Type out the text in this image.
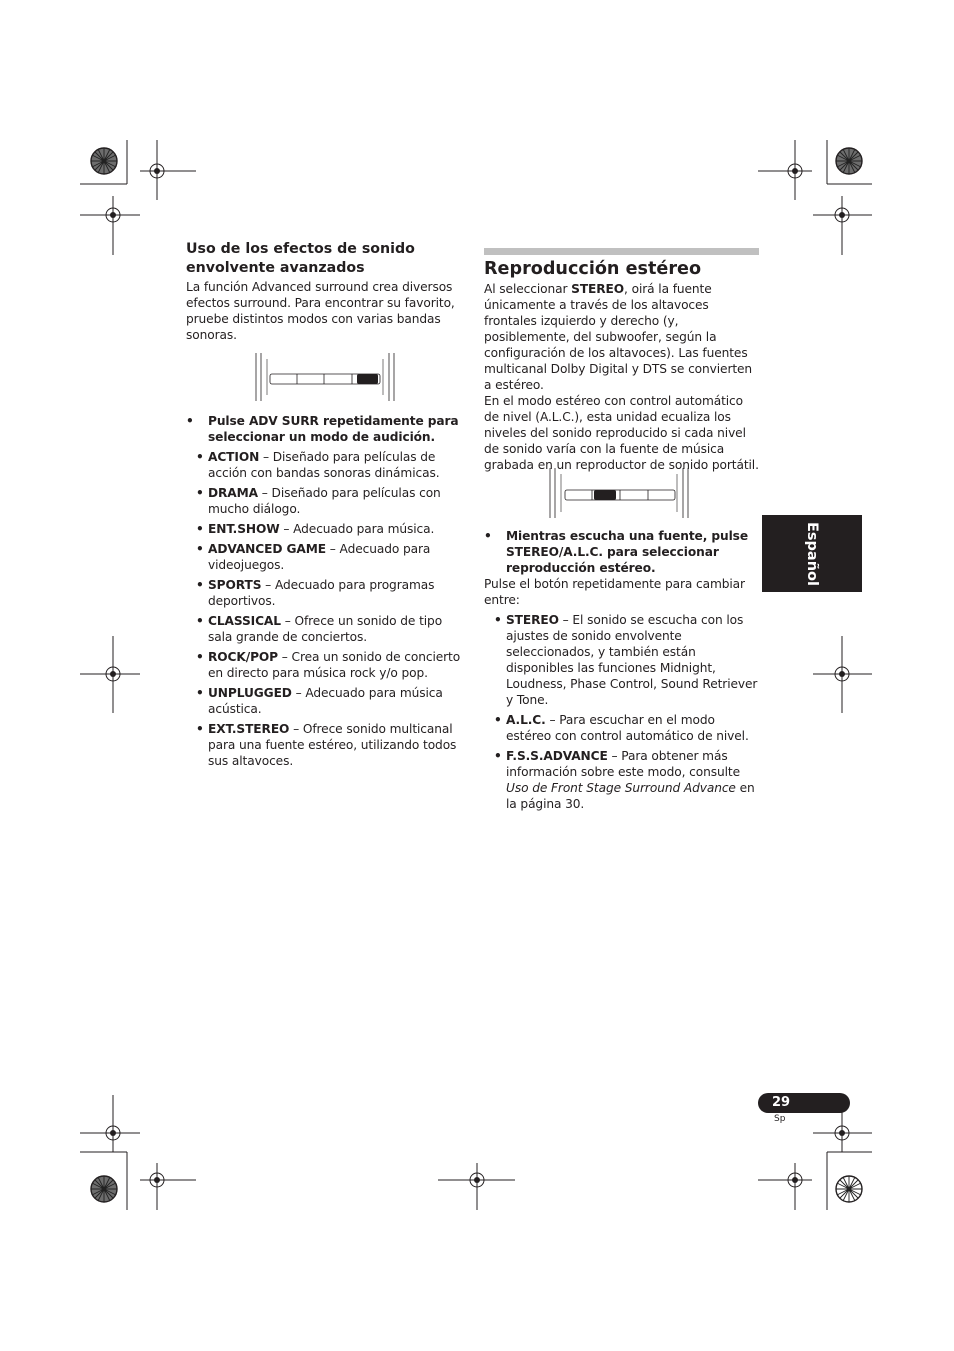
Uso de los efectos de sonido envolvente avanzados
La función Advanced surround crea diversos efectos surround. Para encontrar su favorito, pruebe distintos modos con varias bandas sonoras.
•	Pulse ADV SURR repetidamente para seleccionar un modo de audición.
• ACTION – Diseñado para películas de acción con bandas sonoras dinámicas.
• DRAMA – Diseñado para películas con mucho diálogo.
• ENT.SHOW – Adecuado para música.
• ADVANCED GAME – Adecuado para videojuegos.
• SPORTS – Adecuado para programas deportivos.
• CLASSICAL – Ofrece un sonido de tipo sala grande de conciertos.
• ROCK/POP – Crea un sonido de concierto en directo para música rock y/o pop.
• UNPLUGGED – Adecuado para música acústica.
• EXT.STEREO – Ofrece sonido multicanal para una fuente estéreo, utilizando todos sus altavoces.
Reproducción estéreo
Al seleccionar STEREO, oirá la fuente únicamente a través de los altavoces frontales izquierdo y derecho (y, posiblemente, del subwoofer, según la configuración de los altavoces). Las fuentes multicanal Dolby Digital y DTS se convierten a estéreo.
En el modo estéreo con control automático de nivel (A.L.C.), esta unidad ecualiza los niveles del sonido reproducido si cada nivel de sonido varía con la fuente de música grabada en un reproductor de sonido portátil.
•	Mientras escucha una fuente, pulse STEREO/A.L.C. para seleccionar reproducción estéreo.
Pulse el botón repetidamente para cambiar entre:
• STEREO – El sonido se escucha con los ajustes de sonido envolvente seleccionados, y también están disponibles las funciones Midnight, Loudness, Phase Control, Sound Retriever y Tone.
• A.L.C. – Para escuchar en el modo estéreo con control automático de nivel.
• F.S.S.ADVANCE – Para obtener más información sobre este modo, consulte Uso de Front Stage Surround Advance en la página 30.
Español
29
Sp
